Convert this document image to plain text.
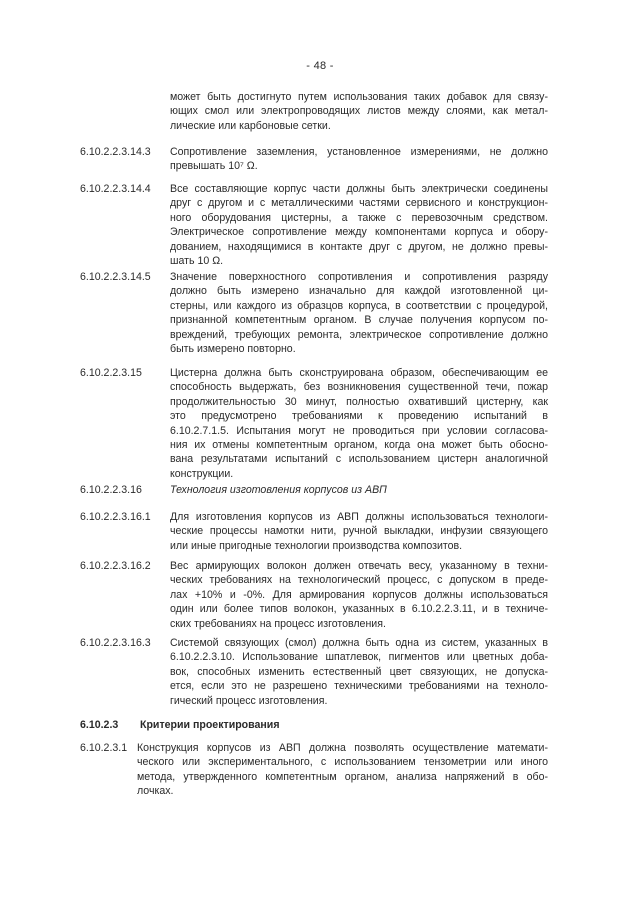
- 48 -
может быть достигнуто путем использования таких добавок для связу-
ющих смол или электропроводящих листов между слоями, как метал-
лические или карбоновые сетки.
6.10.2.2.3.14.3 Сопротивление заземления, установленное измерениями, не должно
превышать 10⁷ Ω.
6.10.2.2.3.14.4 Все составляющие корпус части должны быть электрически соединены
друг с другом и с металлическими частями сервисного и конструкцион-
ного оборудования цистерны, а также с перевозочным средством.
Электрическое сопротивление между компонентами корпуса и обору-
дованием, находящимися в контакте друг с другом, не должно превы-
шать 10 Ω.
6.10.2.2.3.14.5 Значение поверхностного сопротивления и сопротивления разряду
должно быть измерено изначально для каждой изготовленной ци-
стерны, или каждого из образцов корпуса, в соответствии с процедурой,
признанной компетентным органом. В случае получения корпусом по-
вреждений, требующих ремонта, электрическое сопротивление должно
быть измерено повторно.
6.10.2.2.3.15	Цистерна должна быть сконструирована образом, обеспечивающим ее
способность выдержать, без возникновения существенной течи, пожар
продолжительностью 30 минут, полностью охвативший цистерну, как
это предусмотрено требованиями к проведению испытаний в
6.10.2.7.1.5. Испытания могут не проводиться при условии согласова-
ния их отмены компетентным органом, когда она может быть обосно-
вана результатами испытаний с использованием цистерн аналогичной
конструкции.
6.10.2.2.3.16	Технология изготовления корпусов из АВП
6.10.2.2.3.16.1 Для изготовления корпусов из АВП должны использоваться технологи-
ческие процессы намотки нити, ручной выкладки, инфузии связующего
или иные пригодные технологии производства композитов.
6.10.2.2.3.16.2 Вес армирующих волокон должен отвечать весу, указанному в техни-
ческих требованиях на технологический процесс, с допуском в преде-
лах +10% и -0%. Для армирования корпусов должны использоваться
один или более типов волокон, указанных в 6.10.2.2.3.11, и в техниче-
ских требованиях на процесс изготовления.
6.10.2.2.3.16.3 Системой связующих (смол) должна быть одна из систем, указанных в
6.10.2.2.3.10. Использование шпатлевок, пигментов или цветных доба-
вок, способных изменить естественный цвет связующих, не допуска-
ется, если это не разрешено техническими требованиями на техноло-
гический процесс изготовления.
6.10.2.3 Критерии проектирования
6.10.2.3.1 Конструкция корпусов из АВП должна позволять осуществление математи-
ческого или экспериментального, с использованием тензометрии или иного
метода, утвержденного компетентным органом, анализа напряжений в обо-
лочках.
